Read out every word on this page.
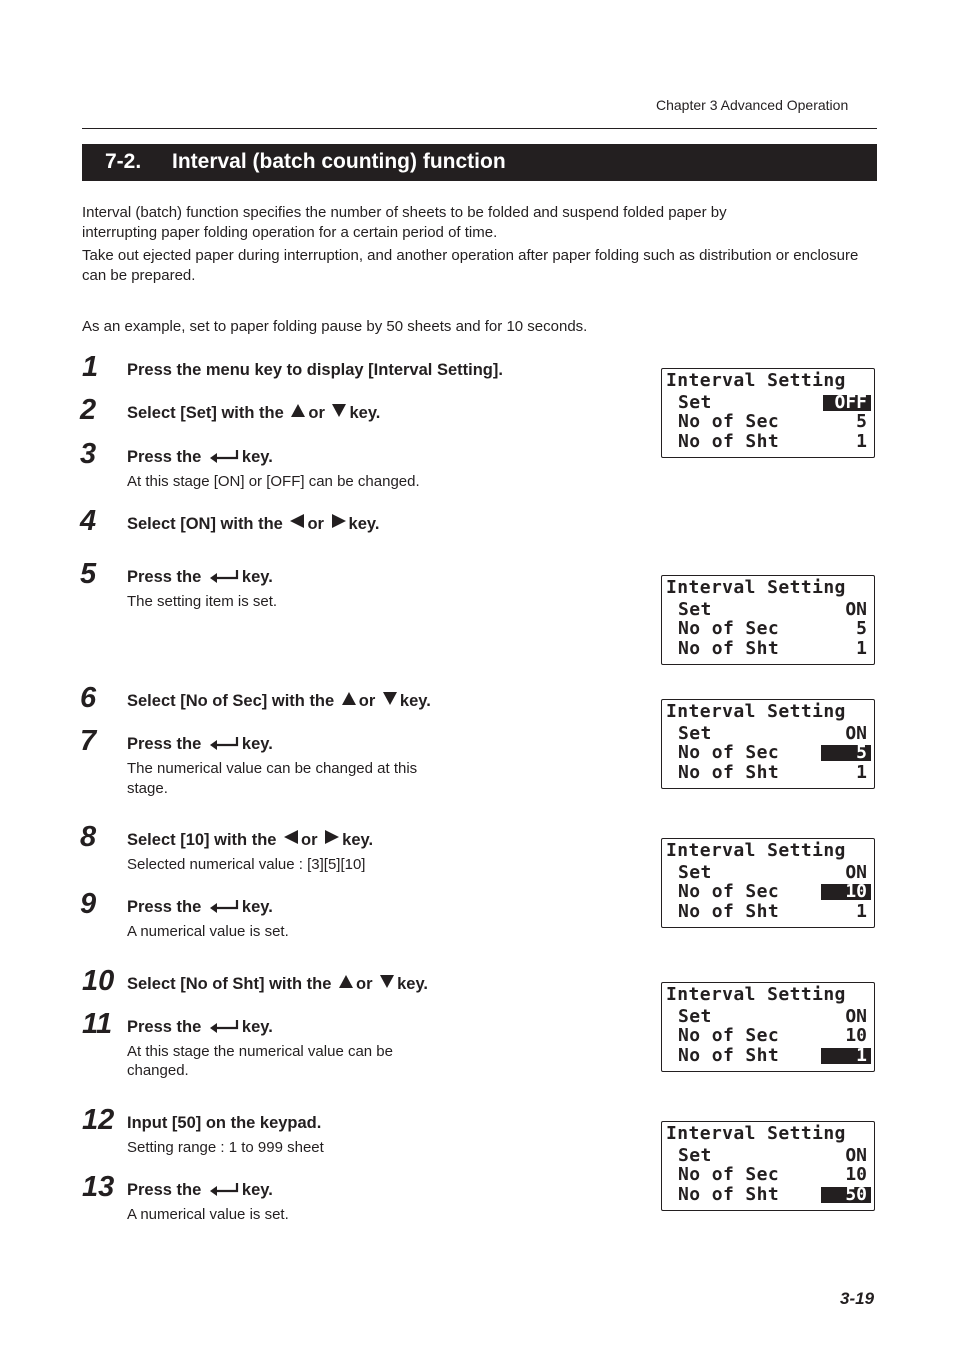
Chapter 3 Advanced Operation
7-2. Interval (batch counting) function
Interval (batch) function specifies the number of sheets to be folded and suspend folded paper by interrupting paper folding operation for a certain period of time.
Take out ejected paper during interruption, and another operation after paper folding such as distribution or enclosure can be prepared.
As an example, set to paper folding pause by 50 sheets and for 10 seconds.
1
2
3
4
5
6
7
8
9
10
11
12
13
Press the menu key to display [Interval Setting].
Select [Set] with the or key.
Press the key.
At this stage [ON] or [OFF] can be changed.
Select [ON] with the or key.
Press the key.
The setting item is set.
Select [No of Sec] with the or key.
Press the key.
The numerical value can be changed at this
stage.
Select [10] with the or key.
Selected numerical value : [3][5][10]
Press the key.
A numerical value is set.
Select [No of Sht] with the or key.
Press the key.
At this stage the numerical value can be
changed.
Input [50] on the keypad.
Setting range : 1 to 999 sheet
Press the key.
A numerical value is set.
Interval Setting
Set	OFF
No of Sec	5
No of Sht	1
Interval Setting
Set	ON
No of Sec	5
No of Sht	1
Interval Setting
Set	ON
No of Sec	5
No of Sht	1
Interval Setting
Set	ON
No of Sec	10
No of Sht	1
Interval Setting
Set	ON
No of Sec	10
No of Sht	1
Interval Setting
Set	ON
No of Sec	10
No of Sht	50
3-19
